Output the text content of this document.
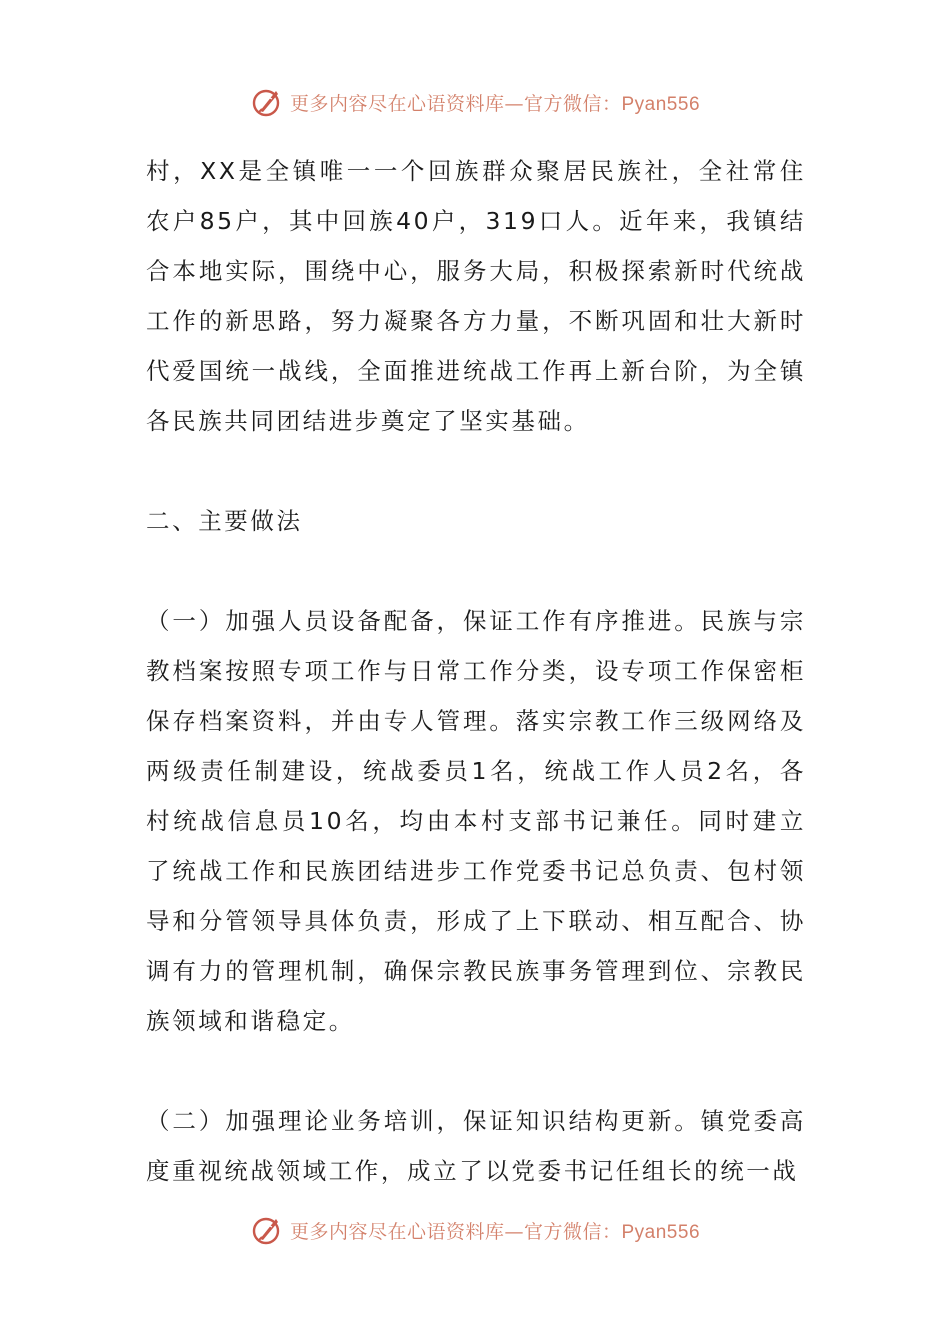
更多内容尽在心语资料库—官方微信：Pyan556

村，XX是全镇唯一一个回族群众聚居民族社，全社常住农户85户，其中回族40户，319口人。近年来，我镇结合本地实际，围绕中心，服务大局，积极探索新时代统战工作的新思路，努力凝聚各方力量，不断巩固和壮大新时代爱国统一战线，全面推进统战工作再上新台阶，为全镇各民族共同团结进步奠定了坚实基础。

二、主要做法

（一）加强人员设备配备，保证工作有序推进。民族与宗教档案按照专项工作与日常工作分类，设专项工作保密柜保存档案资料，并由专人管理。落实宗教工作三级网络及两级责任制建设，统战委员1名，统战工作人员2名，各村统战信息员10名，均由本村支部书记兼任。同时建立了统战工作和民族团结进步工作党委书记总负责、包村领导和分管领导具体负责，形成了上下联动、相互配合、协调有力的管理机制，确保宗教民族事务管理到位、宗教民族领域和谐稳定。

（二）加强理论业务培训，保证知识结构更新。镇党委高度重视统战领域工作，成立了以党委书记任组长的统一战

更多内容尽在心语资料库—官方微信：Pyan556
